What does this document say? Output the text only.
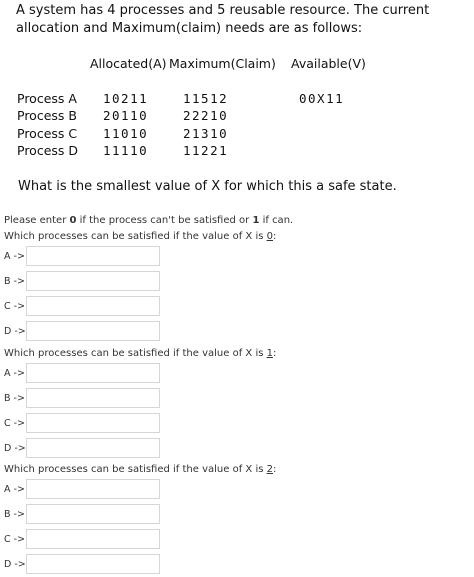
A system has 4 processes and 5 reusable resource. The current allocation and Maximum(claim) needs are as follows:
Allocated(A) Maximum(Claim) Available(V)
Process A 10211	11512	00X11
Process B 20110	22210
Process C 11010	21310
Process D 11110	11221
What is the smallest value of X for which this a safe state.
Please enter 0 if the process can't be satisfied or 1 if can.
Which processes can be satisfied if the value of X is 0:
A ->
B ->
C ->
D ->
Which processes can be satisfied if the value of X is 1:
A ->
B ->
C ->
D ->
Which processes can be satisfied if the value of X is 2:
A ->
B ->
C ->
D ->
